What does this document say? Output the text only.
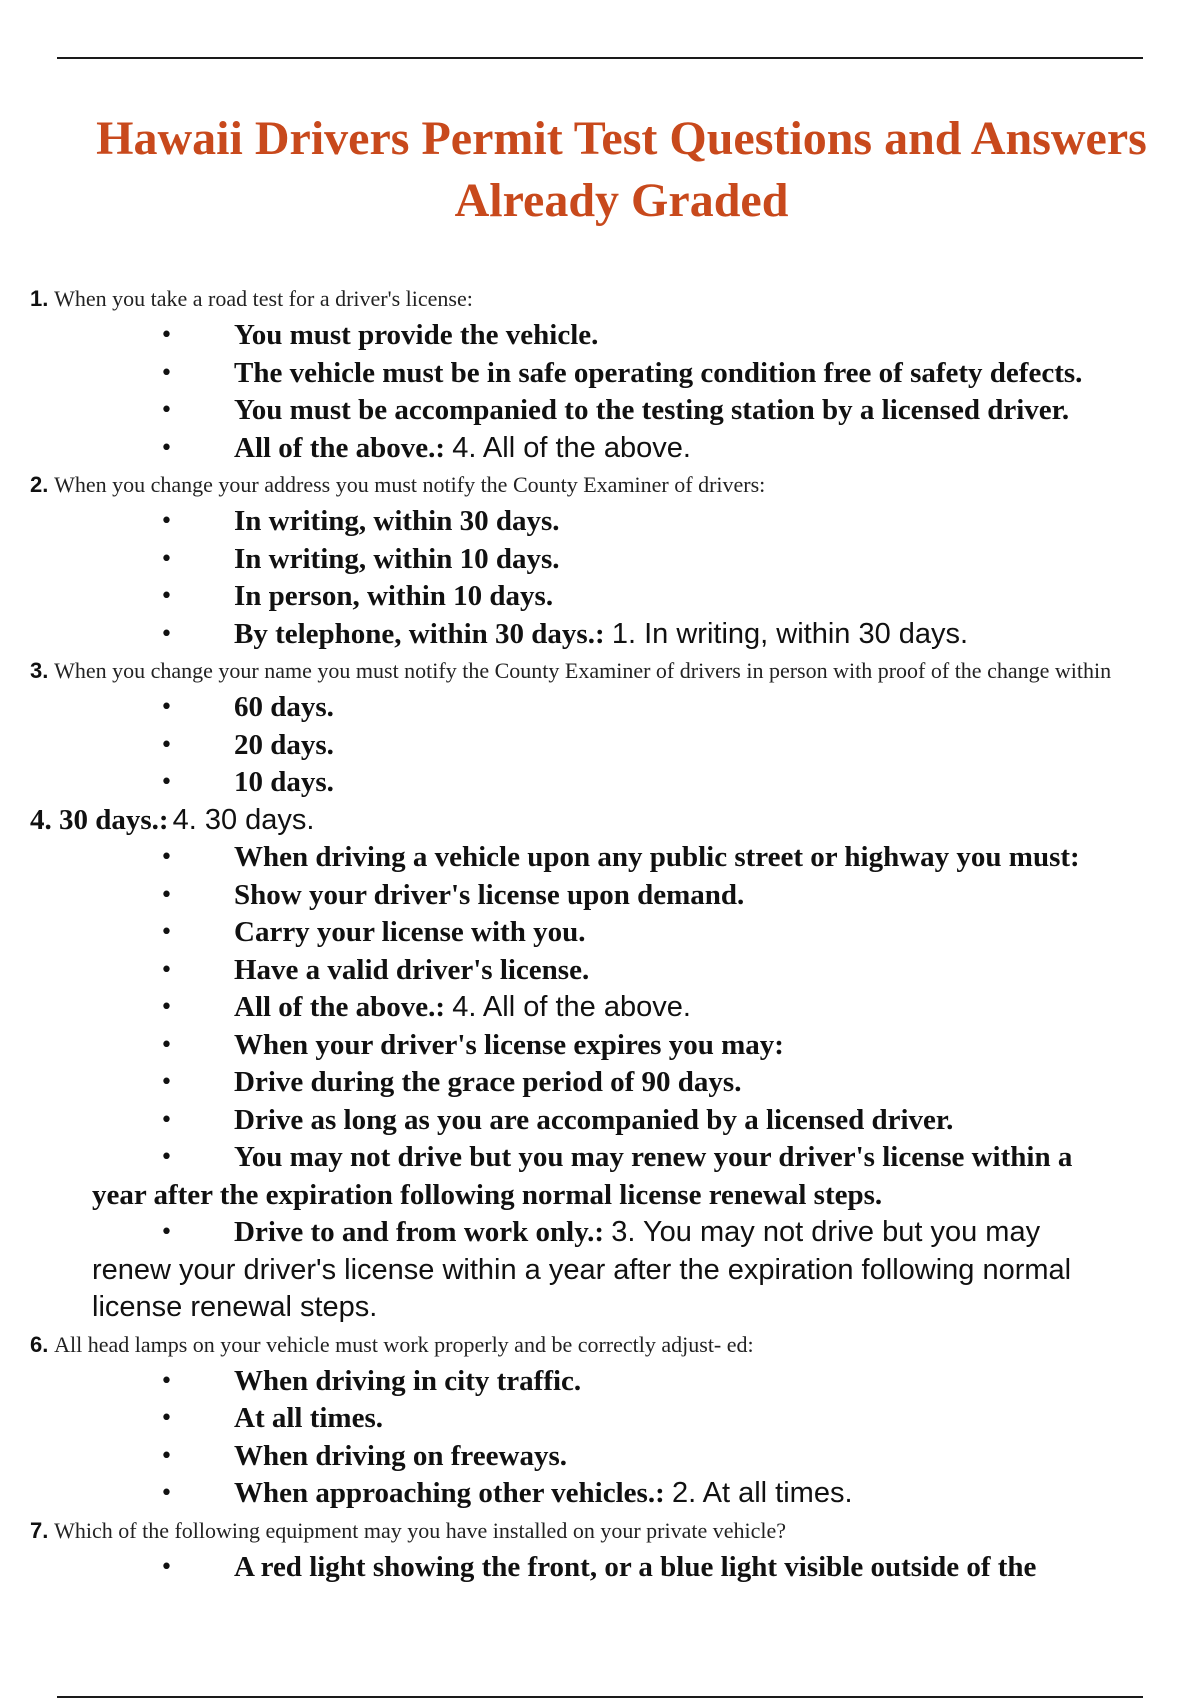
Hawaii Drivers Permit Test Questions and Answers
Already Graded
1. When you take a road test for a driver's license:
• You must provide the vehicle.
• The vehicle must be in safe operating condition free of safety defects.
• You must be accompanied to the testing station by a licensed driver.
• All of the above.: 4. All of the above.
2. When you change your address you must notify the County Examiner of drivers:
• In writing, within 30 days.
• In writing, within 10 days.
• In person, within 10 days.
• By telephone, within 30 days.: 1. In writing, within 30 days.
3. When you change your name you must notify the County Examiner of drivers in person with proof of the change within
• 60 days.
• 20 days.
• 10 days.
4. 30 days.: 4. 30 days.
• When driving a vehicle upon any public street or highway you must:
• Show your driver's license upon demand.
• Carry your license with you.
• Have a valid driver's license.
• All of the above.: 4. All of the above.
• When your driver's license expires you may:
• Drive during the grace period of 90 days.
• Drive as long as you are accompanied by a licensed driver.
• You may not drive but you may renew your driver's license within a
year after the expiration following normal license renewal steps.
• Drive to and from work only.: 3. You may not drive but you may
renew your driver's license within a year after the expiration following normal
license renewal steps.
6. All head lamps on your vehicle must work properly and be correctly adjust- ed:
• When driving in city traffic.
• At all times.
• When driving on freeways.
• When approaching other vehicles.: 2. At all times.
7. Which of the following equipment may you have installed on your private vehicle?
• A red light showing the front, or a blue light visible outside of the
